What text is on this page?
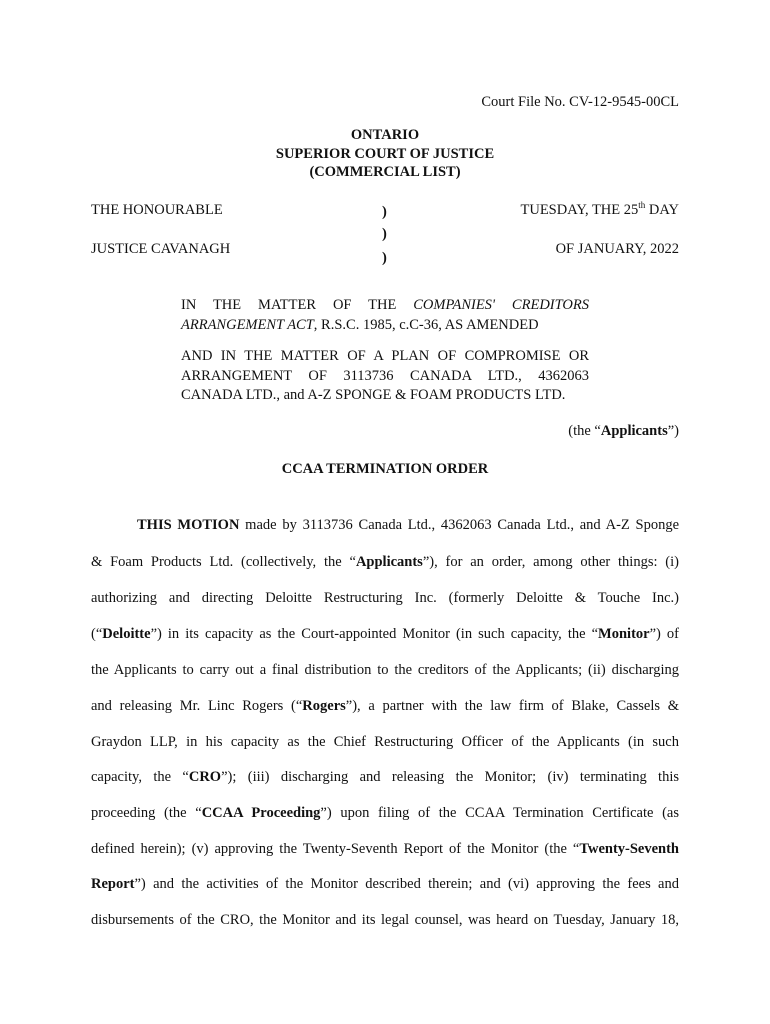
Court File No. CV-12-9545-00CL
ONTARIO
SUPERIOR COURT OF JUSTICE
(COMMERCIAL LIST)
THE HONOURABLE
JUSTICE CAVANAGH
)
)
)
TUESDAY, THE 25th DAY
OF JANUARY, 2022
IN THE MATTER OF THE COMPANIES' CREDITORS ARRANGEMENT ACT, R.S.C. 1985, c.C-36, AS AMENDED
AND IN THE MATTER OF A PLAN OF COMPROMISE OR ARRANGEMENT OF 3113736 CANADA LTD., 4362063 CANADA LTD., and A-Z SPONGE & FOAM PRODUCTS LTD.
(the “Applicants”)
CCAA TERMINATION ORDER
THIS MOTION made by 3113736 Canada Ltd., 4362063 Canada Ltd., and A-Z Sponge
& Foam Products Ltd. (collectively, the “Applicants”), for an order, among other things: (i)
authorizing and directing Deloitte Restructuring Inc. (formerly Deloitte & Touche Inc.)
(“Deloitte”) in its capacity as the Court-appointed Monitor (in such capacity, the “Monitor”) of
the Applicants to carry out a final distribution to the creditors of the Applicants; (ii) discharging
and releasing Mr. Linc Rogers (“Rogers”), a partner with the law firm of Blake, Cassels &
Graydon LLP, in his capacity as the Chief Restructuring Officer of the Applicants (in such
capacity, the “CRO”); (iii) discharging and releasing the Monitor; (iv) terminating this
proceeding (the “CCAA Proceeding”) upon filing of the CCAA Termination Certificate (as
defined herein); (v) approving the Twenty-Seventh Report of the Monitor (the “Twenty-Seventh
Report”) and the activities of the Monitor described therein; and (vi) approving the fees and
disbursements of the CRO, the Monitor and its legal counsel, was heard on Tuesday, January 18,
